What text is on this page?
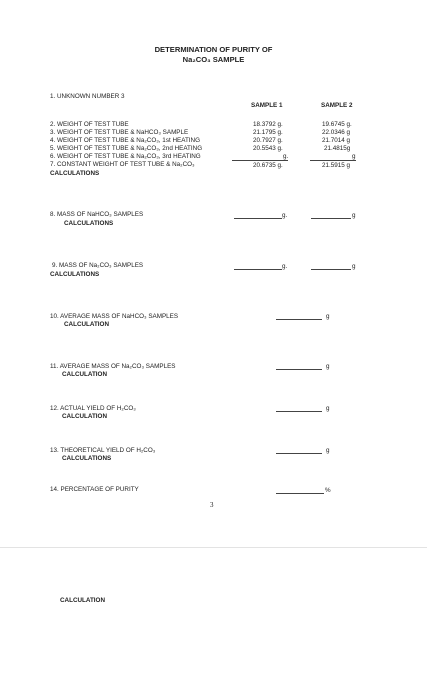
DETERMINATION OF PURITY OF
Na₂CO₃ SAMPLE
1. UNKNOWN NUMBER 3
SAMPLE 1	SAMPLE 2
2. WEIGHT OF TEST TUBE	18.3792 g.	19.6745 g.
3. WEIGHT OF TEST TUBE & NaHCO₃ SAMPLE	21.1795 g.	22.0346 g
4. WEIGHT OF TEST TUBE & Na₂CO₃, 1st HEATING	20.7927 g.	21.7014 g
5. WEIGHT OF TEST TUBE & Na₂CO₃, 2nd HEATING	20.5543 g.	21.4815g
6. WEIGHT OF TEST TUBE & Na₂CO₃, 3rd HEATING	g.	g
7. CONSTANT WEIGHT OF TEST TUBE & Na₂CO₃	20.6735 g.	21.5915 g
CALCULATIONS
8. MASS OF NaHCO₃ SAMPLES
CALCULATIONS
g.	g
9. MASS OF Na₂CO₃ SAMPLES
CALCULATIONS
g.	g
10. AVERAGE MASS OF NaHCO₃ SAMPLES
CALCULATION
g
11. AVERAGE MASS OF Na₂CO₃ SAMPLES
CALCULATION
g
12. ACTUAL YIELD OF H₂CO₃
CALCULATION
g
13. THEORETICAL YIELD OF H₂CO₃
CALCULATIONS
g
14. PERCENTAGE OF PURITY	%
3
CALCULATION
